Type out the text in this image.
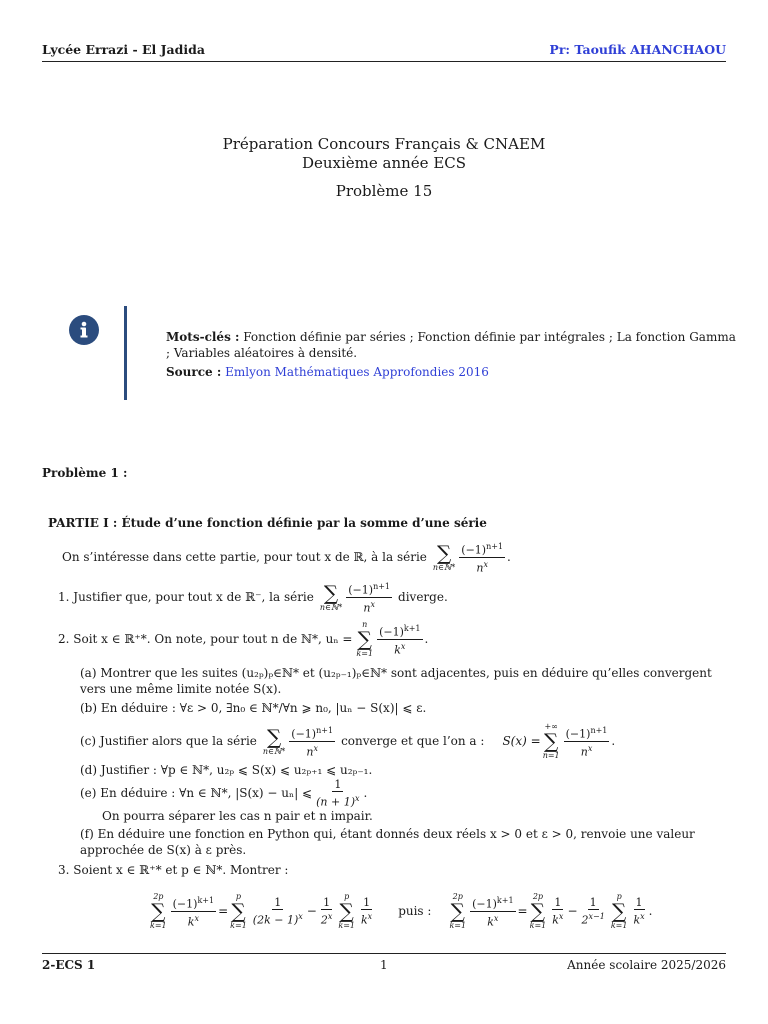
Lycée Errazi - El Jadida	Pr: Taoufik AHANCHAOU
Préparation Concours Français & CNAEM
Deuxième année ECS
Problème 15
Mots-clés : Fonction définie par séries ; Fonction définie par intégrales ; La fonction Gamma ; Variables aléatoires à densité.
Source : Emlyon Mathématiques Approfondies 2016
Problème 1 :
PARTIE I : Étude d’une fonction définie par la somme d’une série
On s’intéresse dans cette partie, pour tout x de ℝ, à la série ∑
n∈ℕ* $\frac{(-1)^{n+1}}{n^x}$ .
1. Justifier que, pour tout x de ℝ⁻, la série ∑
n∈ℕ* $\frac{(-1)^{n+1}}{n^x}$ diverge.
2. Soit x ∈ ℝ⁺*. On note, pour tout n de ℕ*, uₙ =
n
∑
$k=1 \frac{(-1)^{k+1}}{k^x}$ .
(a) Montrer que les suites (u₂ₚ)ₚ∈ℕ* et (u₂ₚ₋₁)ₚ∈ℕ* sont adjacentes, puis en déduire qu’elles convergent vers une même limite notée S(x).
(b) En déduire : ∀ε > 0, ∃n₀ ∈ ℕ*/∀n ⩾ n₀, |uₙ − S(x)| ⩽ ε.
(c) Justifier alors que la série ∑
n∈ℕ* $\frac{(-1)^{n+1}}{n^x}$ converge et que l’on a : S(x) =
+∞
∑
$n=1 \frac{(-1)^{n+1}}{n^x}$ .
(d) Justifier : ∀p ∈ ℕ*, u₂ₚ ⩽ S(x) ⩽ u₂ₚ₊₁ ⩽ u₂ₚ₋₁.
(e) En déduire : ∀n ∈ ℕ*, |S(x) − uₙ| ⩽ $\frac{1}{(n + 1)^x}$ .
On pourra séparer les cas n pair et n impair.
(f) En déduire une fonction en Python qui, étant donnés deux réels x > 0 et ε > 0, renvoie une valeur approchée de S(x) à ε près.
3. Soient x ∈ ℝ⁺* et p ∈ ℕ*. Montrer :
2p
∑
$k=1 \frac{(-1)^{k+1}}{k^x}$ =
p
∑
$k=1 \frac{1}{(2k - 1)^x} - \frac{1}{2^x}$ p
∑
$k=1 \frac{1}{k^x}$ puis :
2p
∑
$k=1 \frac{(-1)^{k+1}}{k^x}$ =
2p
∑
$k=1 \frac{1}{k^x} - \frac{1}{2^{x-1}}$ p
∑
$k=1 \frac{1}{k^x}$ .
2-ECS 1	1	Année scolaire 2025/2026
